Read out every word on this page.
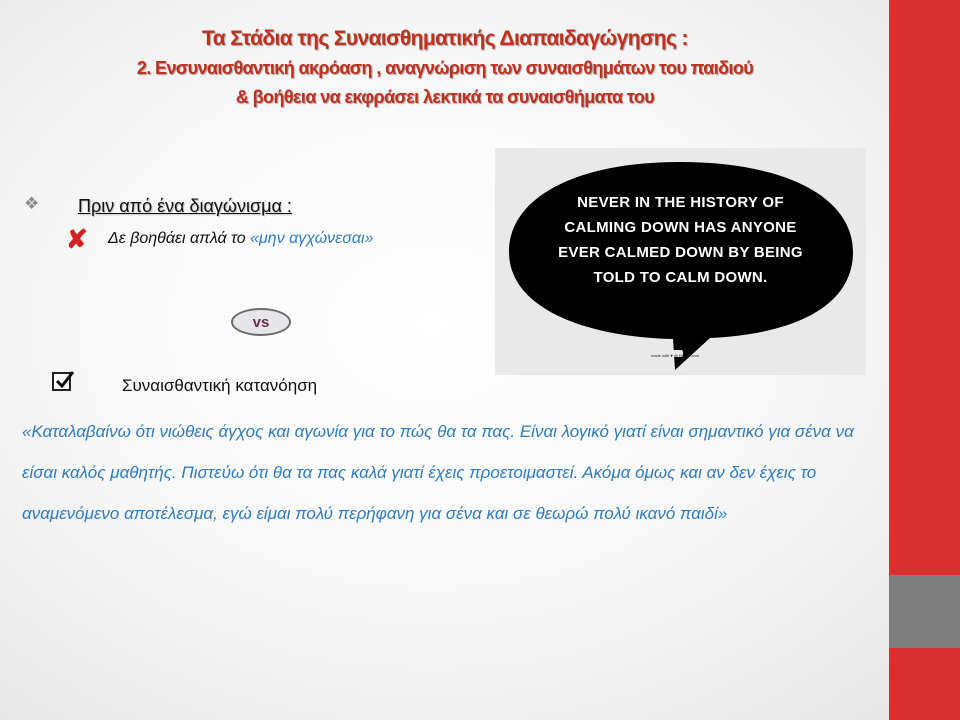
Τα Στάδια της Συναισθηματικής Διαπαιδαγώγησης :
2. Ενσυναισθαντική ακρόαση , αναγνώριση των συναισθημάτων του παιδιού
& βοήθεια να εκφράσει λεκτικά τα συναισθήματα του
❖ Πριν από ένα διαγώνισμα :
✘ Δε βοηθάει απλά το «μην αγχώνεσαι»
vs
Συναισθαντική κατανόηση
«Καταλαβαίνω ότι νιώθεις άγχος και αγωνία για το πώς θα τα πας. Είναι λογικό γιατί είναι σημαντικό για σένα να είσαι καλός μαθητής. Πιστεύω ότι θα τα πας καλά γιατί έχεις προετοιμαστεί. Ακόμα όμως και αν δεν έχεις το αναμενόμενο αποτέλεσμα, εγώ είμαι πολύ περήφανη για σένα και σε θεωρώ πολύ ικανό παιδί»
NEVER IN THE HISTORY OF
CALMING DOWN HAS ANYONE
EVER CALMED DOWN BY BEING
TOLD TO CALM DOWN.
made with ♥ @ Recite.com
